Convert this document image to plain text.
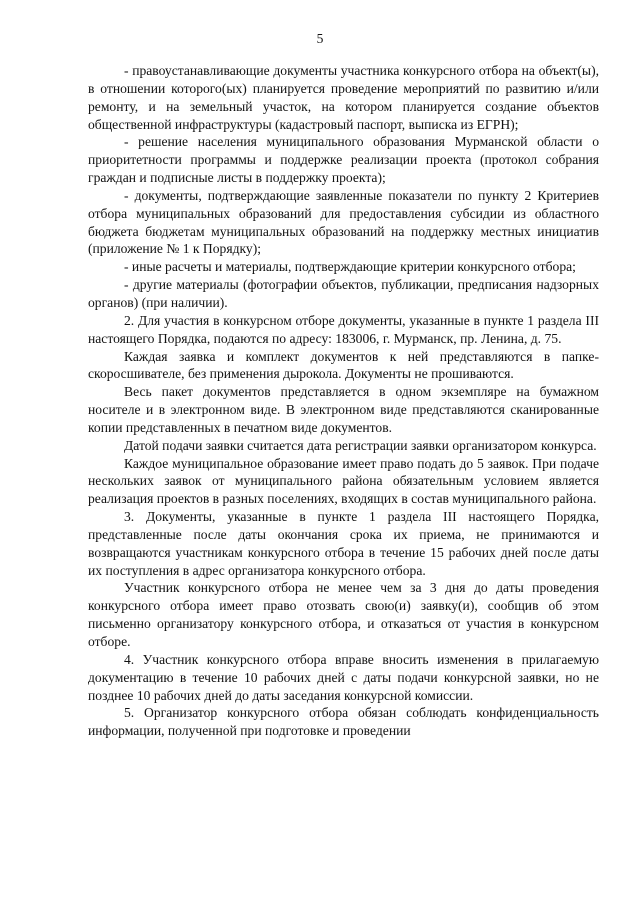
5

- правоустанавливающие документы участника конкурсного отбора на объект(ы), в отношении которого(ых) планируется проведение мероприятий по развитию и/или ремонту, и на земельный участок, на котором планируется создание объектов общественной инфраструктуры (кадастровый паспорт, выписка из ЕГРН);

- решение населения муниципального образования Мурманской области о приоритетности программы и поддержке реализации проекта (протокол собрания граждан и подписные листы в поддержку проекта);

- документы, подтверждающие заявленные показатели по пункту 2 Критериев отбора муниципальных образований для предоставления субсидии из областного бюджета бюджетам муниципальных образований на поддержку местных инициатив (приложение № 1 к Порядку);

- иные расчеты и материалы, подтверждающие критерии конкурсного отбора;

- другие материалы (фотографии объектов, публикации, предписания надзорных органов) (при наличии).

2. Для участия в конкурсном отборе документы, указанные в пункте 1 раздела III настоящего Порядка, подаются по адресу: 183006, г. Мурманск, пр. Ленина, д. 75.

Каждая заявка и комплект документов к ней представляются в папке-скоросшивателе, без применения дырокола. Документы не прошиваются.

Весь пакет документов представляется в одном экземпляре на бумажном носителе и в электронном виде. В электронном виде представляются сканированные копии представленных в печатном виде документов.

Датой подачи заявки считается дата регистрации заявки организатором конкурса.

Каждое муниципальное образование имеет право подать до 5 заявок. При подаче нескольких заявок от муниципального района обязательным условием является реализация проектов в разных поселениях, входящих в состав муниципального района.

3. Документы, указанные в пункте 1 раздела III настоящего Порядка, представленные после даты окончания срока их приема, не принимаются и возвращаются участникам конкурсного отбора в течение 15 рабочих дней после даты их поступления в адрес организатора конкурсного отбора.

Участник конкурсного отбора не менее чем за 3 дня до даты проведения конкурсного отбора имеет право отозвать свою(и) заявку(и), сообщив об этом письменно организатору конкурсного отбора, и отказаться от участия в конкурсном отборе.

4. Участник конкурсного отбора вправе вносить изменения в прилагаемую документацию в течение 10 рабочих дней с даты подачи конкурсной заявки, но не позднее 10 рабочих дней до даты заседания конкурсной комиссии.

5. Организатор конкурсного отбора обязан соблюдать конфиденциальность информации, полученной при подготовке и проведении
